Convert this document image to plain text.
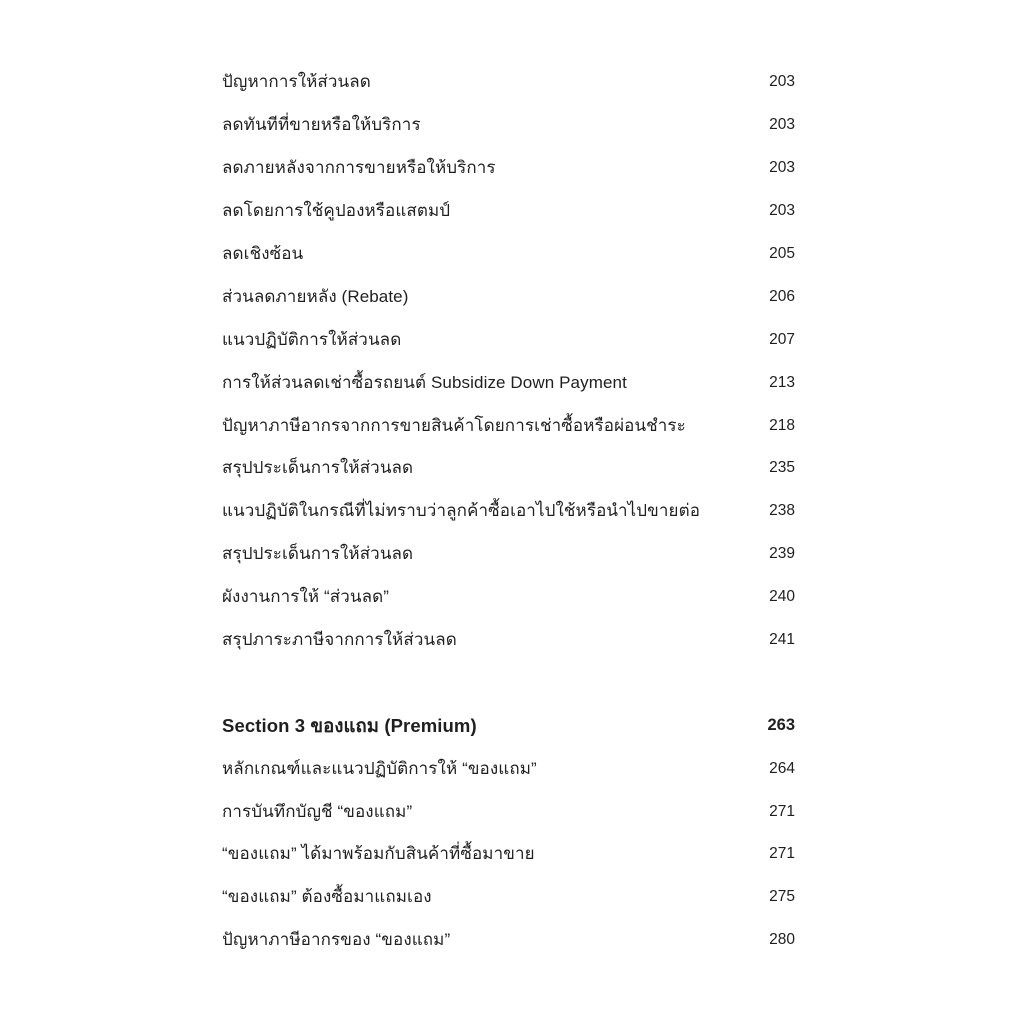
ปัญหาการให้ส่วนลด	203
ลดทันทีที่ขายหรือให้บริการ	203
ลดภายหลังจากการขายหรือให้บริการ	203
ลดโดยการใช้คูปองหรือแสตมป์	203
ลดเชิงซ้อน	205
ส่วนลดภายหลัง (Rebate)	206
แนวปฏิบัติการให้ส่วนลด	207
การให้ส่วนลดเช่าซื้อรถยนต์ Subsidize Down Payment	213
ปัญหาภาษีอากรจากการขายสินค้าโดยการเช่าซื้อหรือผ่อนชำระ	218
สรุปประเด็นการให้ส่วนลด	235
แนวปฏิบัติในกรณีที่ไม่ทราบว่าลูกค้าซื้อเอาไปใช้หรือนำไปขายต่อ	238
สรุปประเด็นการให้ส่วนลด	239
ผังงานการให้ “ส่วนลด”	240
สรุปภาระภาษีจากการให้ส่วนลด	241
Section 3 ของแถม (Premium)	263
หลักเกณฑ์และแนวปฏิบัติการให้ “ของแถม”	264
การบันทึกบัญชี “ของแถม”	271
“ของแถม” ได้มาพร้อมกับสินค้าที่ซื้อมาขาย	271
“ของแถม” ต้องซื้อมาแถมเอง	275
ปัญหาภาษีอากรของ “ของแถม”	280
